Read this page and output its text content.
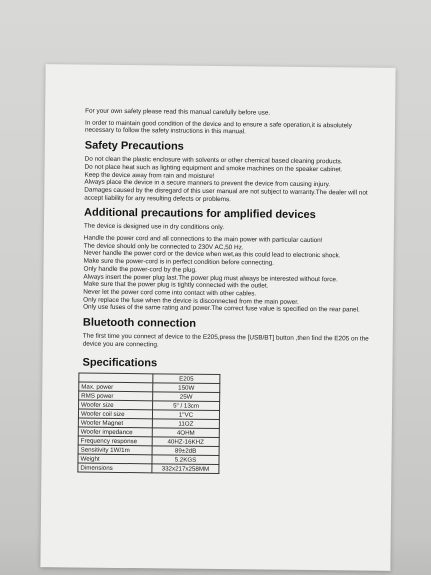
For your own safety please read this manual carefully before use.

In order to maintain good condition of the device and to ensure a safe operation,it is absolutely necessary to follow the safety instructions in this manual.

Safety Precautions

Do not clean the plastic enclosure with solvents or other chemical based cleaning products.

Do not place heat such as lighting equipment and smoke machines on the speaker cabinet.

Keep the device away from rain and moisture!

Always place the device in a secure manners to prevent the device from causing injury.

Damages caused by the disregard of this user manual are not subject to warranty.The dealer will not accept liability for any resulting defects or problems.

Additional precautions for amplified devices

The device is designed use in dry conditions only.

Handle the power cord and all connections to the main power with particular caution!

The device should only be connected to 230V AC,50 Hz.

Never handle the power cord or the device when wet,as this could lead to electronic shock.

Make sure the power-cord is in perfect condition before connecting.

Only handle the power-cord by the plug.

Always insert the power plug last.The power plug must always be interested without force.

Make sure that the power plug is tightly connected with the outlet.

Never let the power cord come into contact with other cables.

Only replace the fuse when the device is disconnected from the main power.

Only use fuses of the same rating and power.The correct fuse value is specified on the rear panel.

Bluetooth connection

The first time you connect af device to the E205,press the [USB/BT] button ,then find the E205 on the device you are connecting.

Specifications
	E205
Max. power	150W
RMS power	25W
Woofer size	5" / 13cm
Woofer coil size	1"VC
Woofer Magnet	11OZ
Woofer impedance	4OHM
Frequency response	40HZ-16KHZ
Sensitivity 1W/1m	89±2dB
Weight	5.2KGS
Dimensions	332x217x258MM
